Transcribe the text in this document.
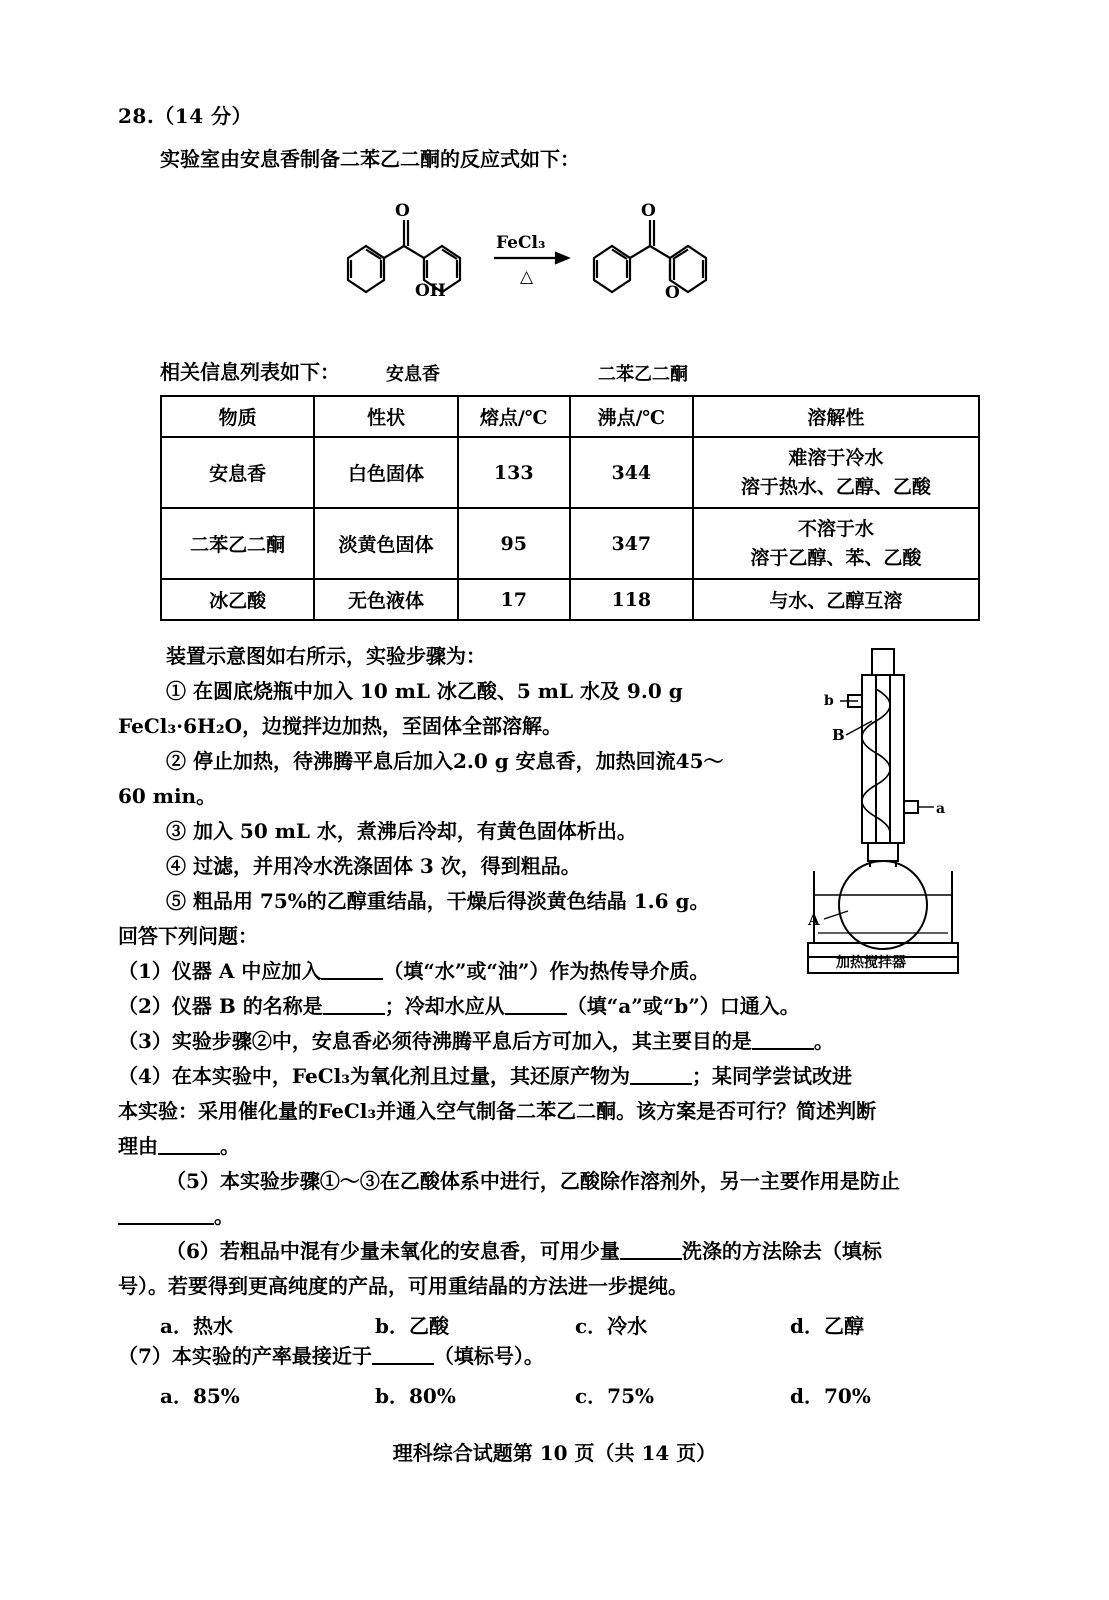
28.（14 分）
实验室由安息香制备二苯乙二酮的反应式如下：
O	O
O
OH
FeCl₃
△
安息香	二苯乙二酮
相关信息列表如下：
物质	性状	熔点/℃	沸点/℃	溶解性
安息香	白色固体	133	344	难溶于冷水
溶于热水、乙醇、乙酸

二苯乙二酮	淡黄色固体	95	347	不溶于水
溶于乙醇、苯、乙酸

冰乙酸	无色液体	17	118	与水、乙醇互溶
b
a
B
A
加热搅拌器

装置示意图如右所示，实验步骤为：

① 在圆底烧瓶中加入 10 mL 冰乙酸、5 mL 水及 9.0 g

FeCl₃·6H₂O，边搅拌边加热，至固体全部溶解。

② 停止加热，待沸腾平息后加入2.0 g 安息香，加热回流45～

60 min。

③ 加入 50 mL 水，煮沸后冷却，有黄色固体析出。

④ 过滤，并用冷水洗涤固体 3 次，得到粗品。

⑤ 粗品用 75%的乙醇重结晶，干燥后得淡黄色结晶 1.6 g。

回答下列问题：

（1）仪器 A 中应加入	（填“水”或“油”）作为热传导介质。

（2）仪器 B 的名称是	；冷却水应从	（填“a”或“b”）口通入。

（3）实验步骤②中，安息香必须待沸腾平息后方可加入，其主要目的是	。

（4）在本实验中，FeCl₃为氧化剂且过量，其还原产物为	；某同学尝试改进

本实验：采用催化量的FeCl₃并通入空气制备二苯乙二酮。该方案是否可行？简述判断

理由	。

（5）本实验步骤①～③在乙酸体系中进行，乙酸除作溶剂外，另一主要作用是防止

。

（6）若粗品中混有少量未氧化的安息香，可用少量	洗涤的方法除去（填标

号）。若要得到更高纯度的产品，可用重结晶的方法进一步提纯。

a．热水	b．乙酸	c．冷水	d．乙醇

（7）本实验的产率最接近于	（填标号）。

a．85%	b．80%	c．75%	d．70%
理科综合试题第 10 页（共 14 页）
